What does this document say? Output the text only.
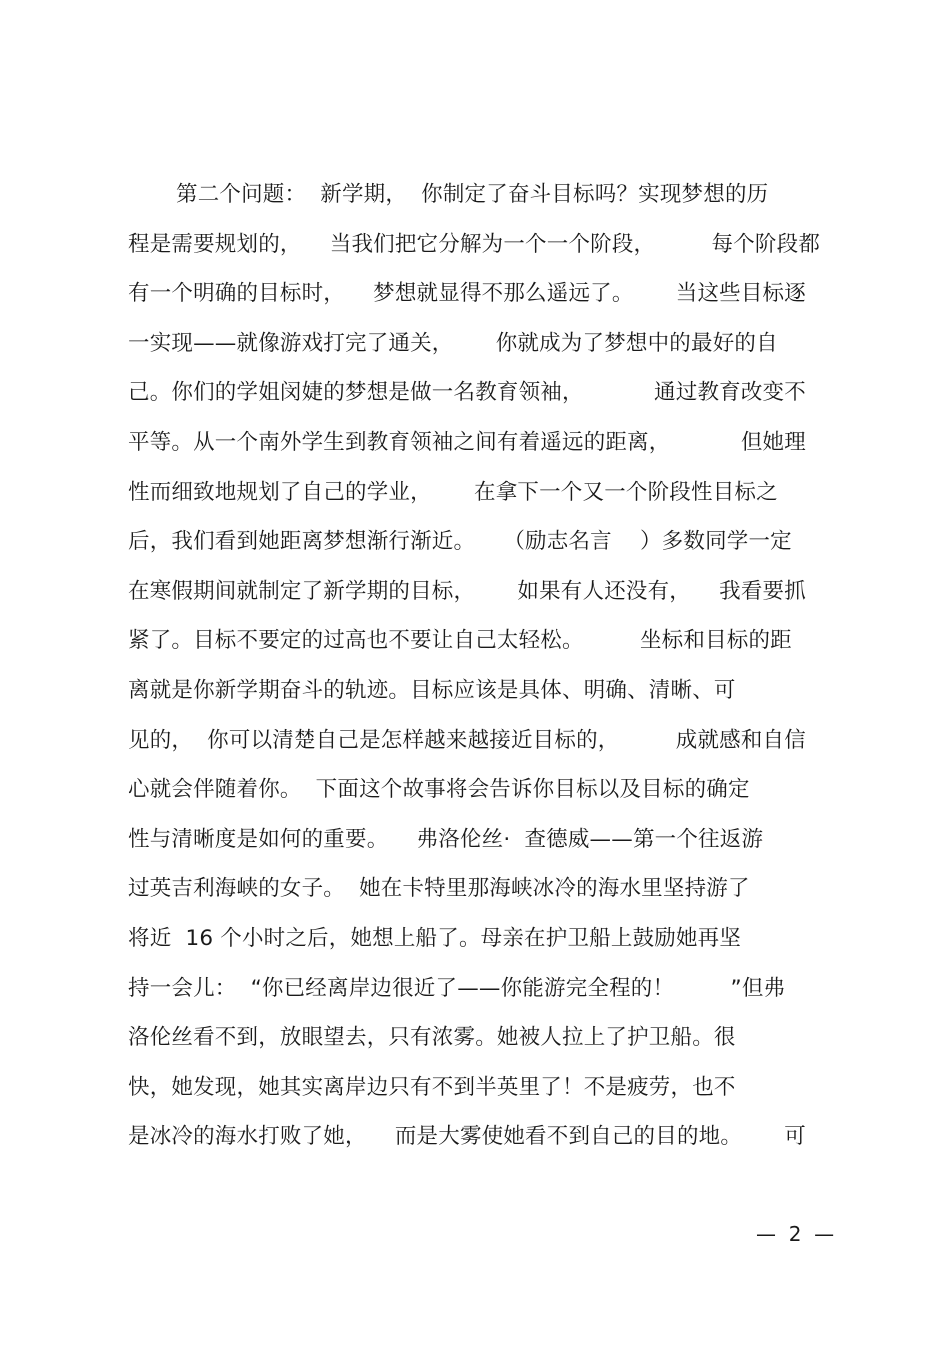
第二个问题：  新学期，  你制定了奋斗目标吗？实现梦想的历
程是需要规划的，    当我们把它分解为一个一个阶段，        每个阶段都
有一个明确的目标时，    梦想就显得不那么遥远了。      当这些目标逐
一实现——就像游戏打完了通关，      你就成为了梦想中的最好的自
己。你们的学姐闵婕的梦想是做一名教育领袖，          通过教育改变不
平等。从一个南外学生到教育领袖之间有着遥远的距离，          但她理
性而细致地规划了自己的学业，      在拿下一个又一个阶段性目标之
后，我们看到她距离梦想渐行渐近。    （励志名言    ）多数同学一定
在寒假期间就制定了新学期的目标，      如果有人还没有，    我看要抓
紧了。目标不要定的过高也不要让自己太轻松。        坐标和目标的距
离就是你新学期奋斗的轨迹。目标应该是具体、明确、清晰、可
见的，  你可以清楚自己是怎样越来越接近目标的，        成就感和自信
心就会伴随着你。  下面这个故事将会告诉你目标以及目标的确定
性与清晰度是如何的重要。    弗洛伦丝·  查德威——第一个往返游
过英吉利海峡的女子。  她在卡特里那海峡冰冷的海水里坚持游了
将近  16 个小时之后，她想上船了。母亲在护卫船上鼓励她再坚
持一会儿：  “你已经离岸边很近了——你能游完全程的！        ”但弗
洛伦丝看不到，放眼望去，只有浓雾。她被人拉上了护卫船。很
快，她发现，她其实离岸边只有不到半英里了！不是疲劳，也不
是冰冷的海水打败了她，    而是大雾使她看不到自己的目的地。      可
—  2  —
